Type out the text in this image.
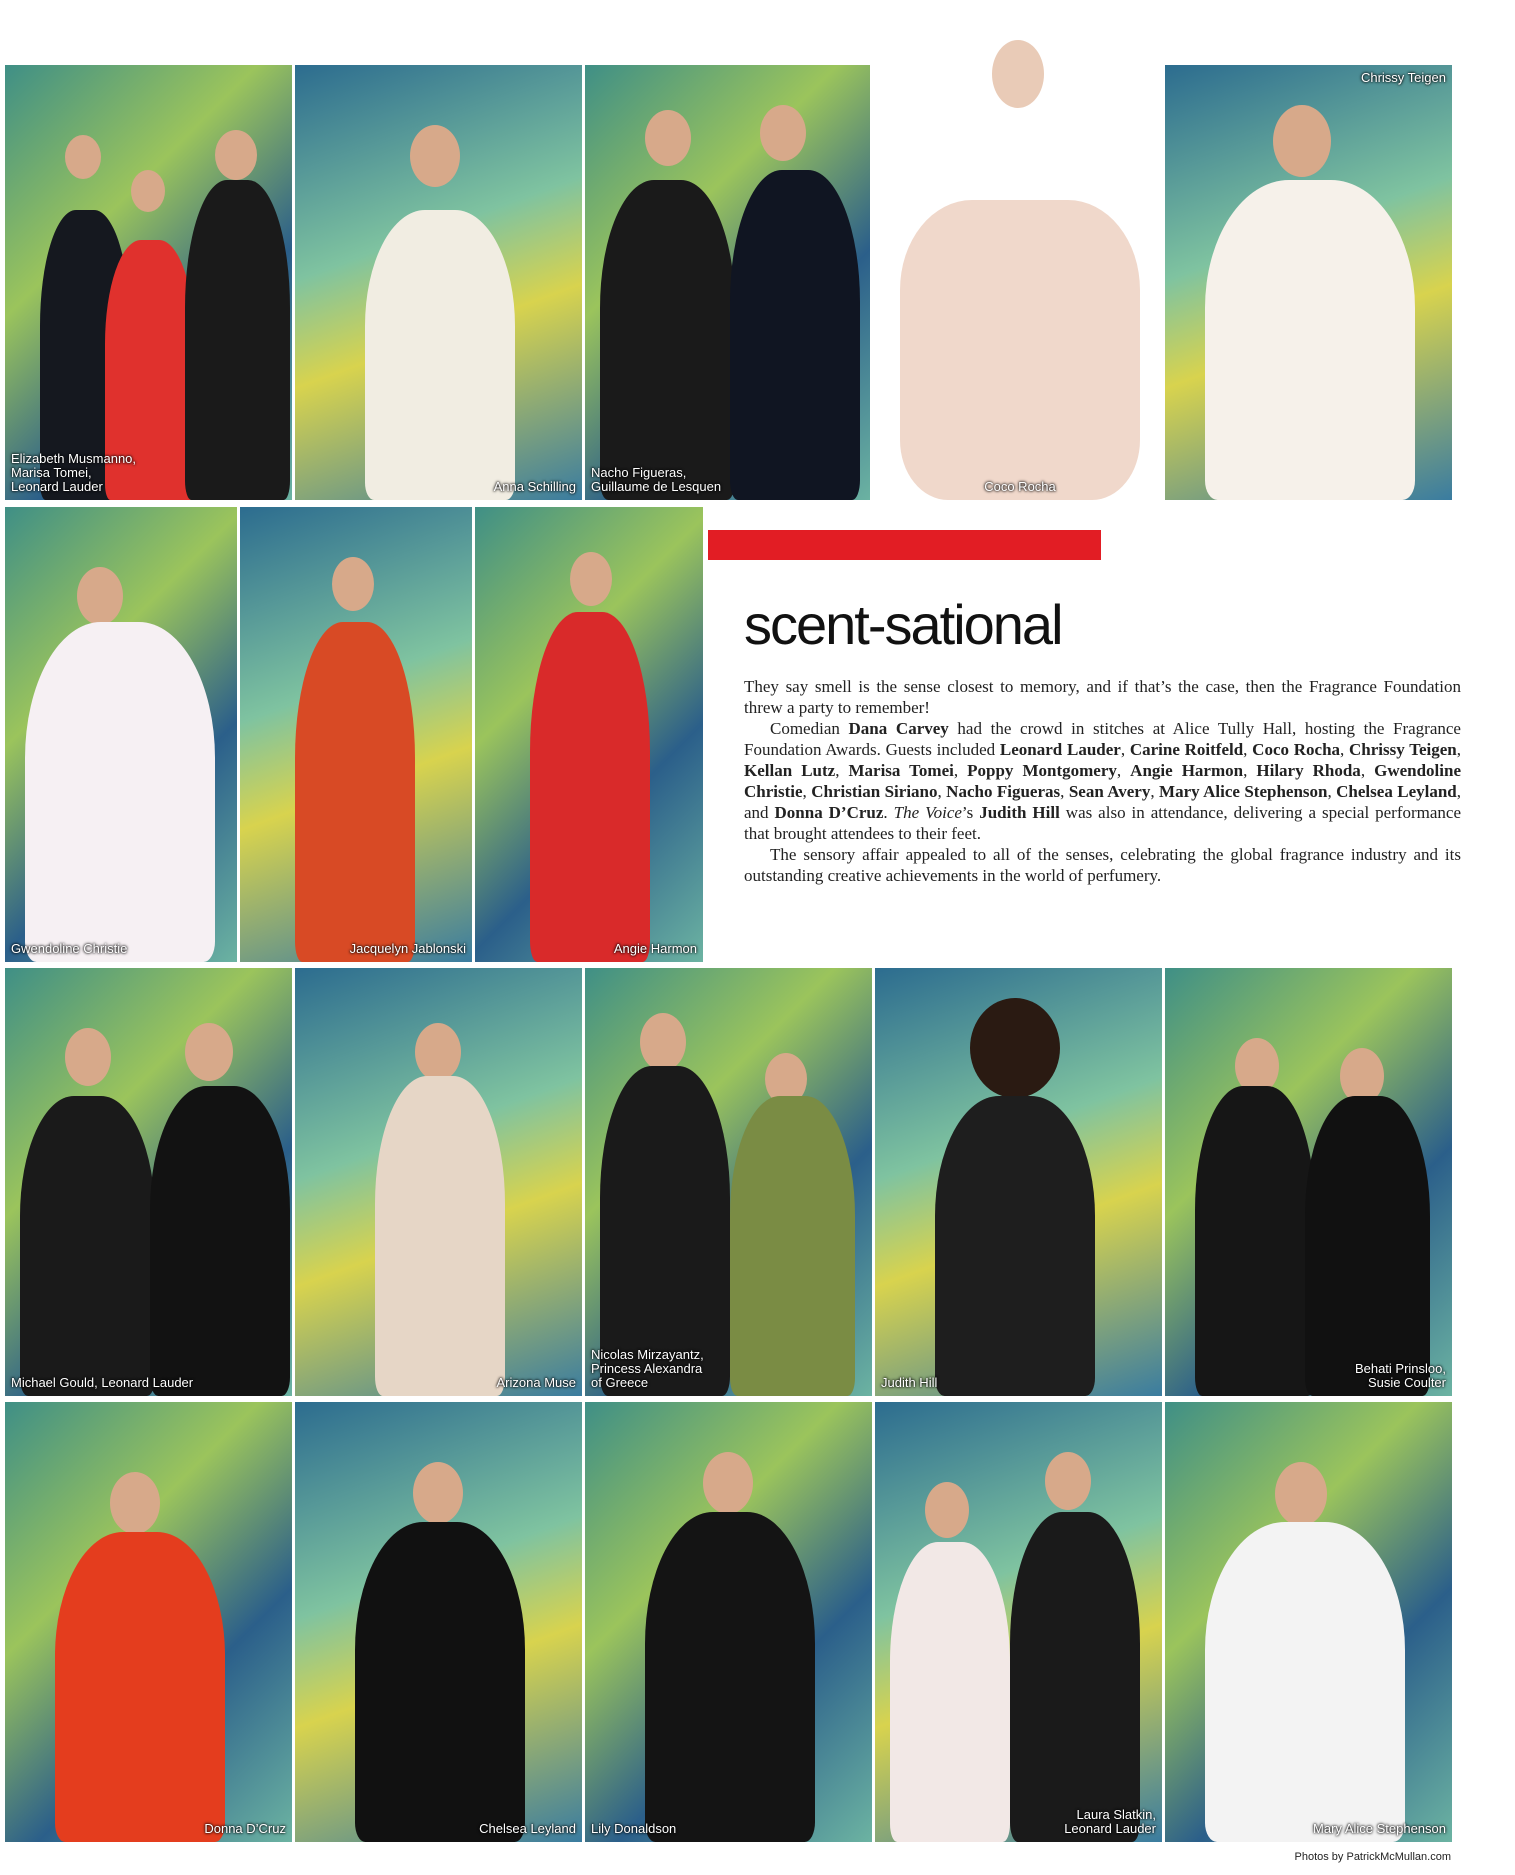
Elizabeth Musmanno,
Marisa Tomei,
Leonard Lauder	Anna Schilling
Nacho Figueras,
Guillaume de Lesquen	Coco Rocha
Chrissy Teigen
Gwendoline Christie	Jacquelyn Jablonski	Angie Harmon
scent-sational

They say smell is the sense closest to memory, and if that’s the case, then the Fragrance Foundation threw a party to remember!

Comedian Dana Carvey had the crowd in stitches at Alice Tully Hall, hosting the Fragrance Foundation Awards. Guests included Leonard Lauder, Carine Roitfeld, Coco Rocha, Chrissy Teigen, Kellan Lutz, Marisa Tomei, Poppy Montgomery, Angie Harmon, Hilary Rhoda, Gwendoline Christie, Christian Siriano, Nacho Figueras, Sean Avery, Mary Alice Stephenson, Chelsea Leyland, and Donna D’Cruz. The Voice’s Judith Hill was also in attendance, delivering a special performance that brought attendees to their feet.

The sensory affair appealed to all of the senses, celebrating the global fragrance industry and its outstanding creative achievements in the world of perfumery.

Michael Gould, Leonard Lauder	Arizona Muse
Nicolas Mirzayantz,
Princess Alexandra
of Greece	Judith Hill
Behati Prinsloo,
Susie Coulter
Donna D’Cruz	Chelsea Leyland Lily Donaldson
Laura Slatkin,
Leonard Lauder	Mary Alice Stephenson
Photos by PatrickMcMullan.com
